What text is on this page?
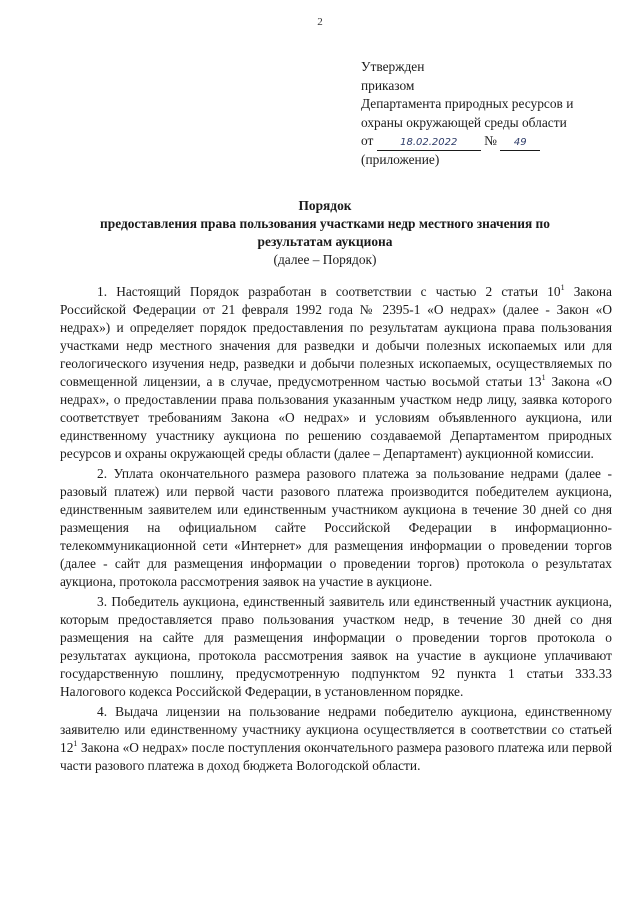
2
Утвержден
приказом
Департамента природных ресурсов и
охраны окружающей среды области
от	18.02.2022 № 49
(приложение)
Порядок
предоставления права пользования участками недр местного значения по
результатам аукциона
(далее – Порядок)

1. Настоящий Порядок разработан в соответствии с частью 2 статьи $10^1$ Закона Российской Федерации от 21 февраля 1992 года № 2395-1 «О недрах» (далее - Закон «О недрах») и определяет порядок предоставления по результатам аукциона права пользования участками недр местного значения для разведки и добычи полезных ископаемых или для геологического изучения недр, разведки и добычи полезных ископаемых, осуществляемых по совмещенной лицензии, а в случае, предусмотренном частью восьмой статьи $13^1$ Закона «О недрах», о предоставлении права пользования указанным участком недр лицу, заявка которого соответствует требованиям Закона «О недрах» и условиям объявленного аукциона, или единственному участнику аукциона по решению создаваемой Департаментом природных ресурсов и охраны окружающей среды области (далее – Департамент) аукционной комиссии.

2. Уплата окончательного размера разового платежа за пользование недрами (далее - разовый платеж) или первой части разового платежа производится победителем аукциона, единственным заявителем или единственным участником аукциона в течение 30 дней со дня размещения на официальном сайте Российской Федерации в информационно-телекоммуникационной сети «Интернет» для размещения информации о проведении торгов (далее - сайт для размещения информации о проведении торгов) протокола о результатах аукциона, протокола рассмотрения заявок на участие в аукционе.

3. Победитель аукциона, единственный заявитель или единственный участник аукциона, которым предоставляется право пользования участком недр, в течение 30 дней со дня размещения на сайте для размещения информации о проведении торгов протокола о результатах аукциона, протокола рассмотрения заявок на участие в аукционе уплачивают государственную пошлину, предусмотренную подпунктом 92 пункта 1 статьи 333.33 Налогового кодекса Российской Федерации, в установленном порядке.

4. Выдача лицензии на пользование недрами победителю аукциона, единственному заявителю или единственному участнику аукциона осуществляется в соответствии со статьей $12^1$ Закона «О недрах» после поступления окончательного размера разового платежа или первой части разового платежа в доход бюджета Вологодской области.
